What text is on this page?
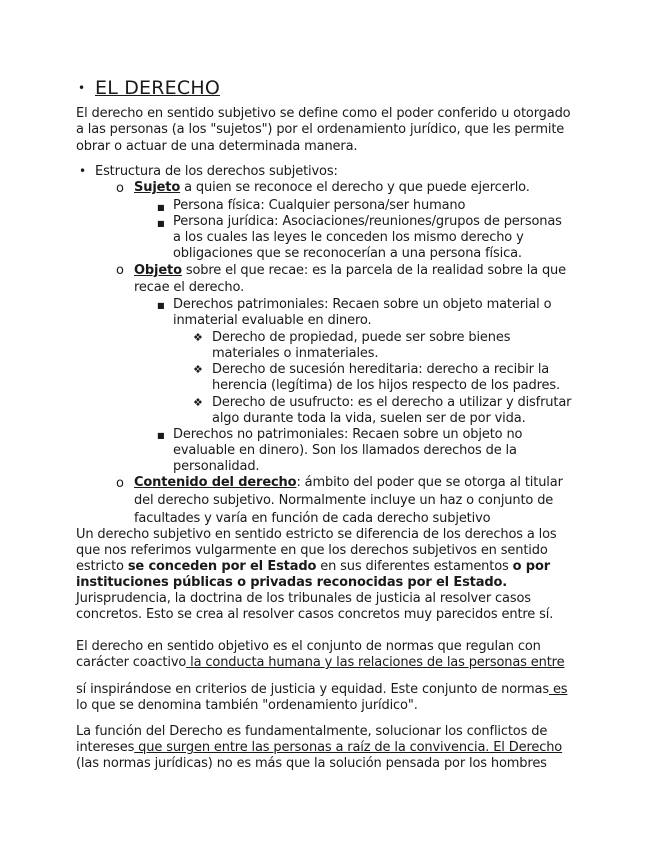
• EL DERECHO
El derecho en sentido subjetivo se define como el poder conferido u otorgado
a las personas (a los "sujetos") por el ordenamiento jurídico, que les permite
obrar o actuar de una determinada manera.
• Estructura de los derechos subjetivos:
o Sujeto a quien se reconoce el derecho y que puede ejercerlo.
■ Persona física: Cualquier persona/ser humano
■ Persona jurídica: Asociaciones/reuniones/grupos de personas
a los cuales las leyes le conceden los mismo derecho y
obligaciones que se reconocerían a una persona física.
o Objeto sobre el que recae: es la parcela de la realidad sobre la que
recae el derecho.
■ Derechos patrimoniales: Recaen sobre un objeto material o
inmaterial evaluable en dinero.
❖ Derecho de propiedad, puede ser sobre bienes
materiales o inmateriales.
❖ Derecho de sucesión hereditaria: derecho a recibir la
herencia (legítima) de los hijos respecto de los padres.
❖ Derecho de usufructo: es el derecho a utilizar y disfrutar
algo durante toda la vida, suelen ser de por vida.
■ Derechos no patrimoniales: Recaen sobre un objeto no
evaluable en dinero). Son los llamados derechos de la
personalidad.
o Contenido del derecho: ámbito del poder que se otorga al titular
del derecho subjetivo. Normalmente incluye un haz o conjunto de
facultades y varía en función de cada derecho subjetivo
Un derecho subjetivo en sentido estricto se diferencia de los derechos a los
que nos referimos vulgarmente en que los derechos subjetivos en sentido
estricto se conceden por el Estado en sus diferentes estamentos o por
instituciones públicas o privadas reconocidas por el Estado.
Jurisprudencia, la doctrina de los tribunales de justicia al resolver casos
concretos. Esto se crea al resolver casos concretos muy parecidos entre sí.
El derecho en sentido objetivo es el conjunto de normas que regulan con
carácter coactivo la conducta humana y las relaciones de las personas entre
sí inspirándose en criterios de justicia y equidad. Este conjunto de normas es
lo que se denomina también "ordenamiento jurídico".
La función del Derecho es fundamentalmente, solucionar los conflictos de
intereses que surgen entre las personas a raíz de la convivencia. El Derecho
(las normas jurídicas) no es más que la solución pensada por los hombres
